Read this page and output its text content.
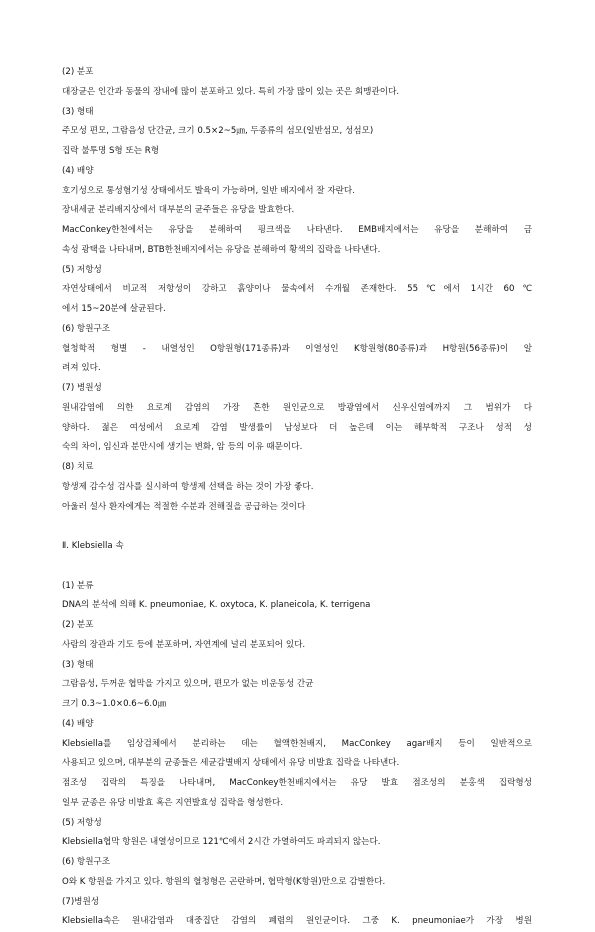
(2) 분포
대장균은 인간과 동물의 장내에 많이 분포하고 있다. 특히 가장 많이 있는 곳은 회맹관이다.
(3) 형태
주모성 편모, 그람음성 단간균, 크기 0.5×2~5㎛, 두종류의 섬모(일반섬모, 성섬모)
집락 불투명 S형 또는 R형
(4) 배양
호기성으로 통성혐기성 상태에서도 발육이 가능하며, 일반 배지에서 잘 자란다.
장내세균 분리배지상에서 대부분의 균주들은 유당을 발효한다.
MacConkey한천에서는 유당을 분해하여 핑크색을 나타낸다. EMB배지에서는 유당을 분해하여 금
속성 광택을 나타내며, BTB한천배지에서는 유당을 분해하여 황색의 집락을 나타낸다.
(5) 저항성
자연상태에서 비교적 저항성이 강하고 흙양이나 물속에서 수개월 존재한다. 55℃에서 1시간 60℃
에서 15~20분에 살균된다.
(6) 항원구조
혈청학적 형별 - 내열성인 O항원형(171종류)과 이열성인 K항원형(80종류)과 H항원(56종류)이 알
려져 있다.
(7) 병원성
원내감염에 의한 요로계 감염의 가장 흔한 원인균으로 방광염에서 신우신염에까지 그 범위가 다
양하다. 젊은 여성에서 요로계 감염 발생률이 남성보다 더 높은데 이는 해부학적 구조나 성적 성
숙의 차이, 임신과 분만시에 생기는 변화, 암 등의 이유 때문이다.
(8) 치료
항생제 감수성 검사를 실시하여 항생제 선택을 하는 것이 가장 좋다.
아울러 설사 환자에게는 적절한 수분과 전해질을 공급하는 것이다
Ⅱ. Klebsiella 속
(1) 분류
DNA의 분석에 의해 K. pneumoniae, K. oxytoca, K. planeicola, K. terrigena
(2) 분포
사람의 장관과 기도 등에 분포하며, 자연계에 널리 분포되어 있다.
(3) 형태
그람음성, 두꺼운 협막을 가지고 있으며, 편모가 없는 비운동성 간균
크기 0.3~1.0×0.6~6.0㎛
(4) 배양
Klebsiella를 임상검체에서 분리하는 데는 혈액한천배지, MacConkey agar배지 등이 일반적으로
사용되고 있으며, 대부분의 균종들은 세균감별배지 상태에서 유당 비발효 집락을 나타낸다.
점조성 집락의 특징을 나타내며, MacConkey한천배지에서는 유당 발효 점조성의 분홍색 집락형성
일부 균종은 유당 비발효 혹은 지연발효성 집락을 형성한다.
(5) 저항성
Klebsiella협막 항원은 내열성이므로 121℃에서 2시간 가열하여도 파괴되지 않는다.
(6) 항원구조
O와 K 항원을 가지고 있다. 항원의 혈청형은 곤란하며, 협막형(K항원)만으로 감별한다.
(7)병원성
Klebsiella속은 원내감염과 대중집단 감염의 폐렴의 원인균이다. 그중 K. pneumoniae가 가장 병원
